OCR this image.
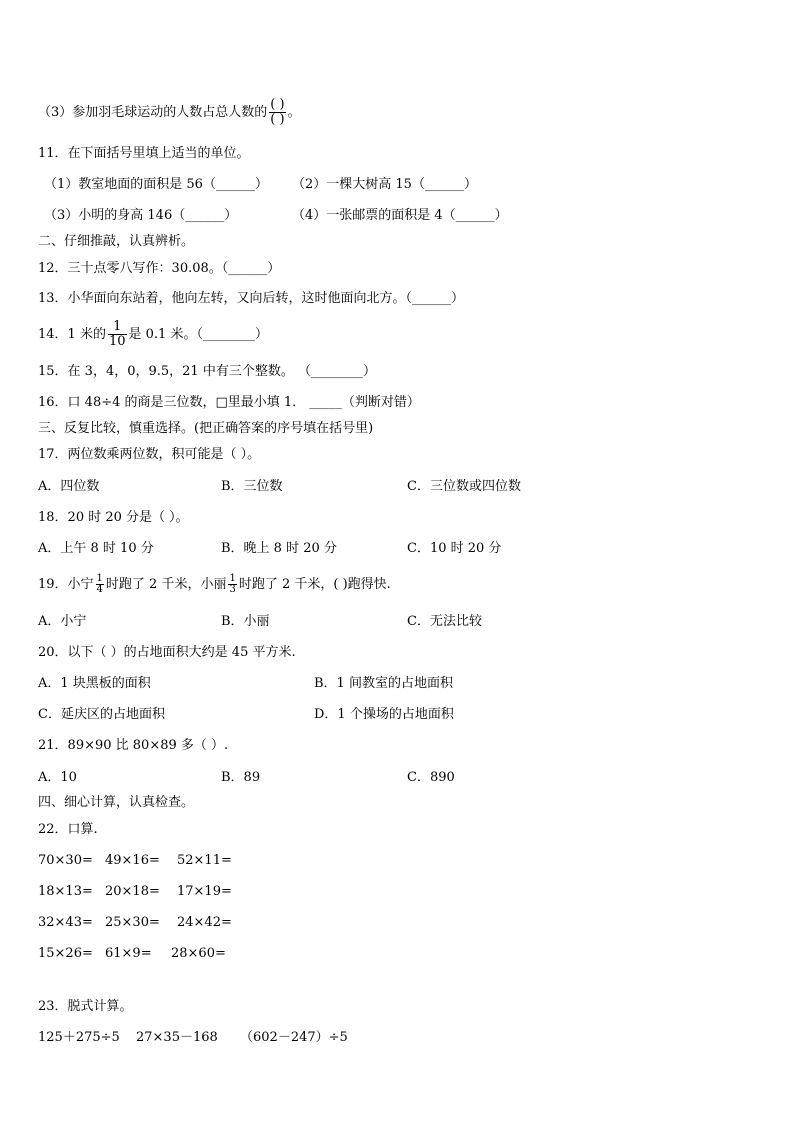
（3）参加羽毛球运动的人数占总人数的 $\frac{( )}{( )}$ 。
11．在下面括号里填上适当的单位。
（1）教室地面的面积是 56（______） （2）一棵大树高 15（______）
（3）小明的身高 146（______）	（4）一张邮票的面积是 4（______）
二、仔细推敲，认真辨析。
12．三十点零八写作：30.08。（______）
13．小华面向东站着，他向左转，又向后转，这时他面向北方。（______）
14．1 米的 $\frac{1}{10}$ 是 0.1 米。（________）
15．在 3，4，0，9.5，21 中有三个整数。 （________）
16．口 48÷4 的商是三位数，□里最小填 1． _____（判断对错）
三、反复比较，慎重选择。(把正确答案的序号填在括号里)
17．两位数乘两位数，积可能是（ ）。
A．四位数	B．三位数	C．三位数或四位数
18．20 时 20 分是（ ）。
A．上午 8 时 10 分	B．晚上 8 时 20 分	C．10 时 20 分
19．小宁 $\frac{1}{4}$ 时跑了 2 千米，小丽 $\frac{1}{3}$ 时跑了 2 千米，( )跑得快.
A．小宁	B．小丽	C．无法比较
20．以下（ ）的占地面积大约是 45 平方米.
A．1 块黑板的面积	B．1 间教室的占地面积
C．延庆区的占地面积	D．1 个操场的占地面积
21．89×90 比 80×89 多（ ）.
A．10	B．89	C．890
四、细心计算，认真检查。
22．口算.
70×30= 49×16= 52×11=
18×13= 20×18= 17×19=
32×43= 25×30= 24×42=
15×26= 61×9= 28×60=
23．脱式计算。
125＋275÷5 27×35－168 （602－247）÷5
